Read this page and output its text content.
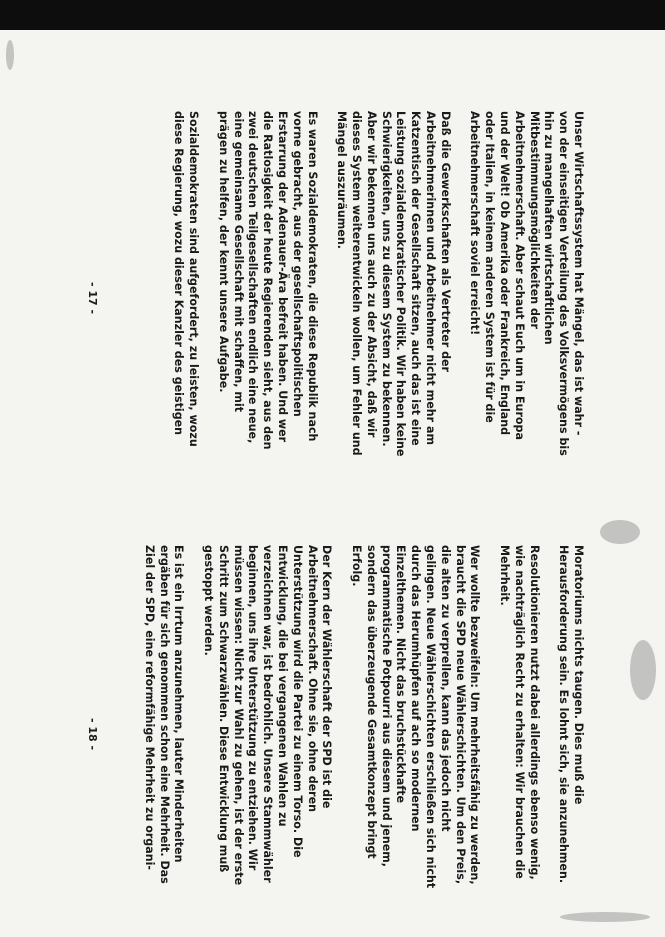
- 17 -
- 18 -

Unser Wirtschaftssystem hat Mängel, das ist wahr - von der einseitigen Verteilung des Volksvermögens bis hin zu mangelhaften wirtschaftlichen Mitbestimmungsmöglichkeiten der Arbeitnehmerschaft. Aber schaut Euch um in Europa und der Welt! Ob Amerika oder Frankreich, England oder Italien, in keinem anderen System ist für die Arbeitnehmerschaft soviel erreicht!

Daß die Gewerkschaften als Vertreter der Arbeitnehmerinnen und Arbeitnehmer nicht mehr am Katzentisch der Gesellschaft sitzen, auch das ist eine Leistung sozialdemokratischer Politik. Wir haben keine Schwierigkeiten, uns zu diesem System zu bekennen. Aber wir bekennen uns auch zu der Absicht, daß wir dieses System weiterentwickeln wollen, um Fehler und Mängel auszuräumen.

Es waren Sozialdemokraten, die diese Republik nach vorne gebracht, aus der gesellschaftspolitischen Erstarrung der Adenauer-Ära befreit haben. Und wer die Ratlosigkeit der heute Regierenden sieht, aus den zwei deutschen Teilgesellschaften endlich eine neue, eine gemeinsame Gesellschaft mit schaffen, mit prägen zu helfen, der kennt unsere Aufgabe.

Sozialdemokraten sind aufgefordert, zu leisten, wozu diese Regierung, wozu dieser Kanzler des geistigen

Moratoriums nichts taugen. Dies muß die Herausforderung sein. Es lohnt sich, sie anzunehmen.

Resolutionieren nutzt dabei allerdings ebenso wenig, wie nachträglich Recht zu erhalten: Wir brauchen die Mehrheit.

Wer wollte bezweifeln: Um mehrheitsfähig zu werden, braucht die SPD neue Wählerschichten. Um den Preis, die alten zu verprellen, kann das jedoch nicht gelingen. Neue Wählerschichten erschließen sich nicht durch das Herumhüpfen auf ach so modernen Einzelthemen. Nicht das bruchstückhafte programmatische Potpourri aus diesem und jenem, sondern das überzeugende Gesamtkonzept bringt Erfolg.

Der Kern der Wählerschaft der SPD ist die Arbeitnehmerschaft. Ohne sie, ohne deren Unterstützung wird die Partei zu einem Torso. Die Entwicklung, die bei vergangenen Wahlen zu verzeichnen war, ist bedrohlich. Unsere Stammwähler beginnen, uns ihre Unterstützung zu entziehen. Wir müssen wissen: Nicht zur Wahl zu gehen, ist der erste Schritt zum Schwarzwählen. Diese Entwicklung muß gestoppt werden.

Es ist ein Irrtum anzunehmen, lauter Minderheiten ergäben für sich genommen schon eine Mehrheit. Das Ziel der SPD, eine reformfähige Mehrheit zu organi-
